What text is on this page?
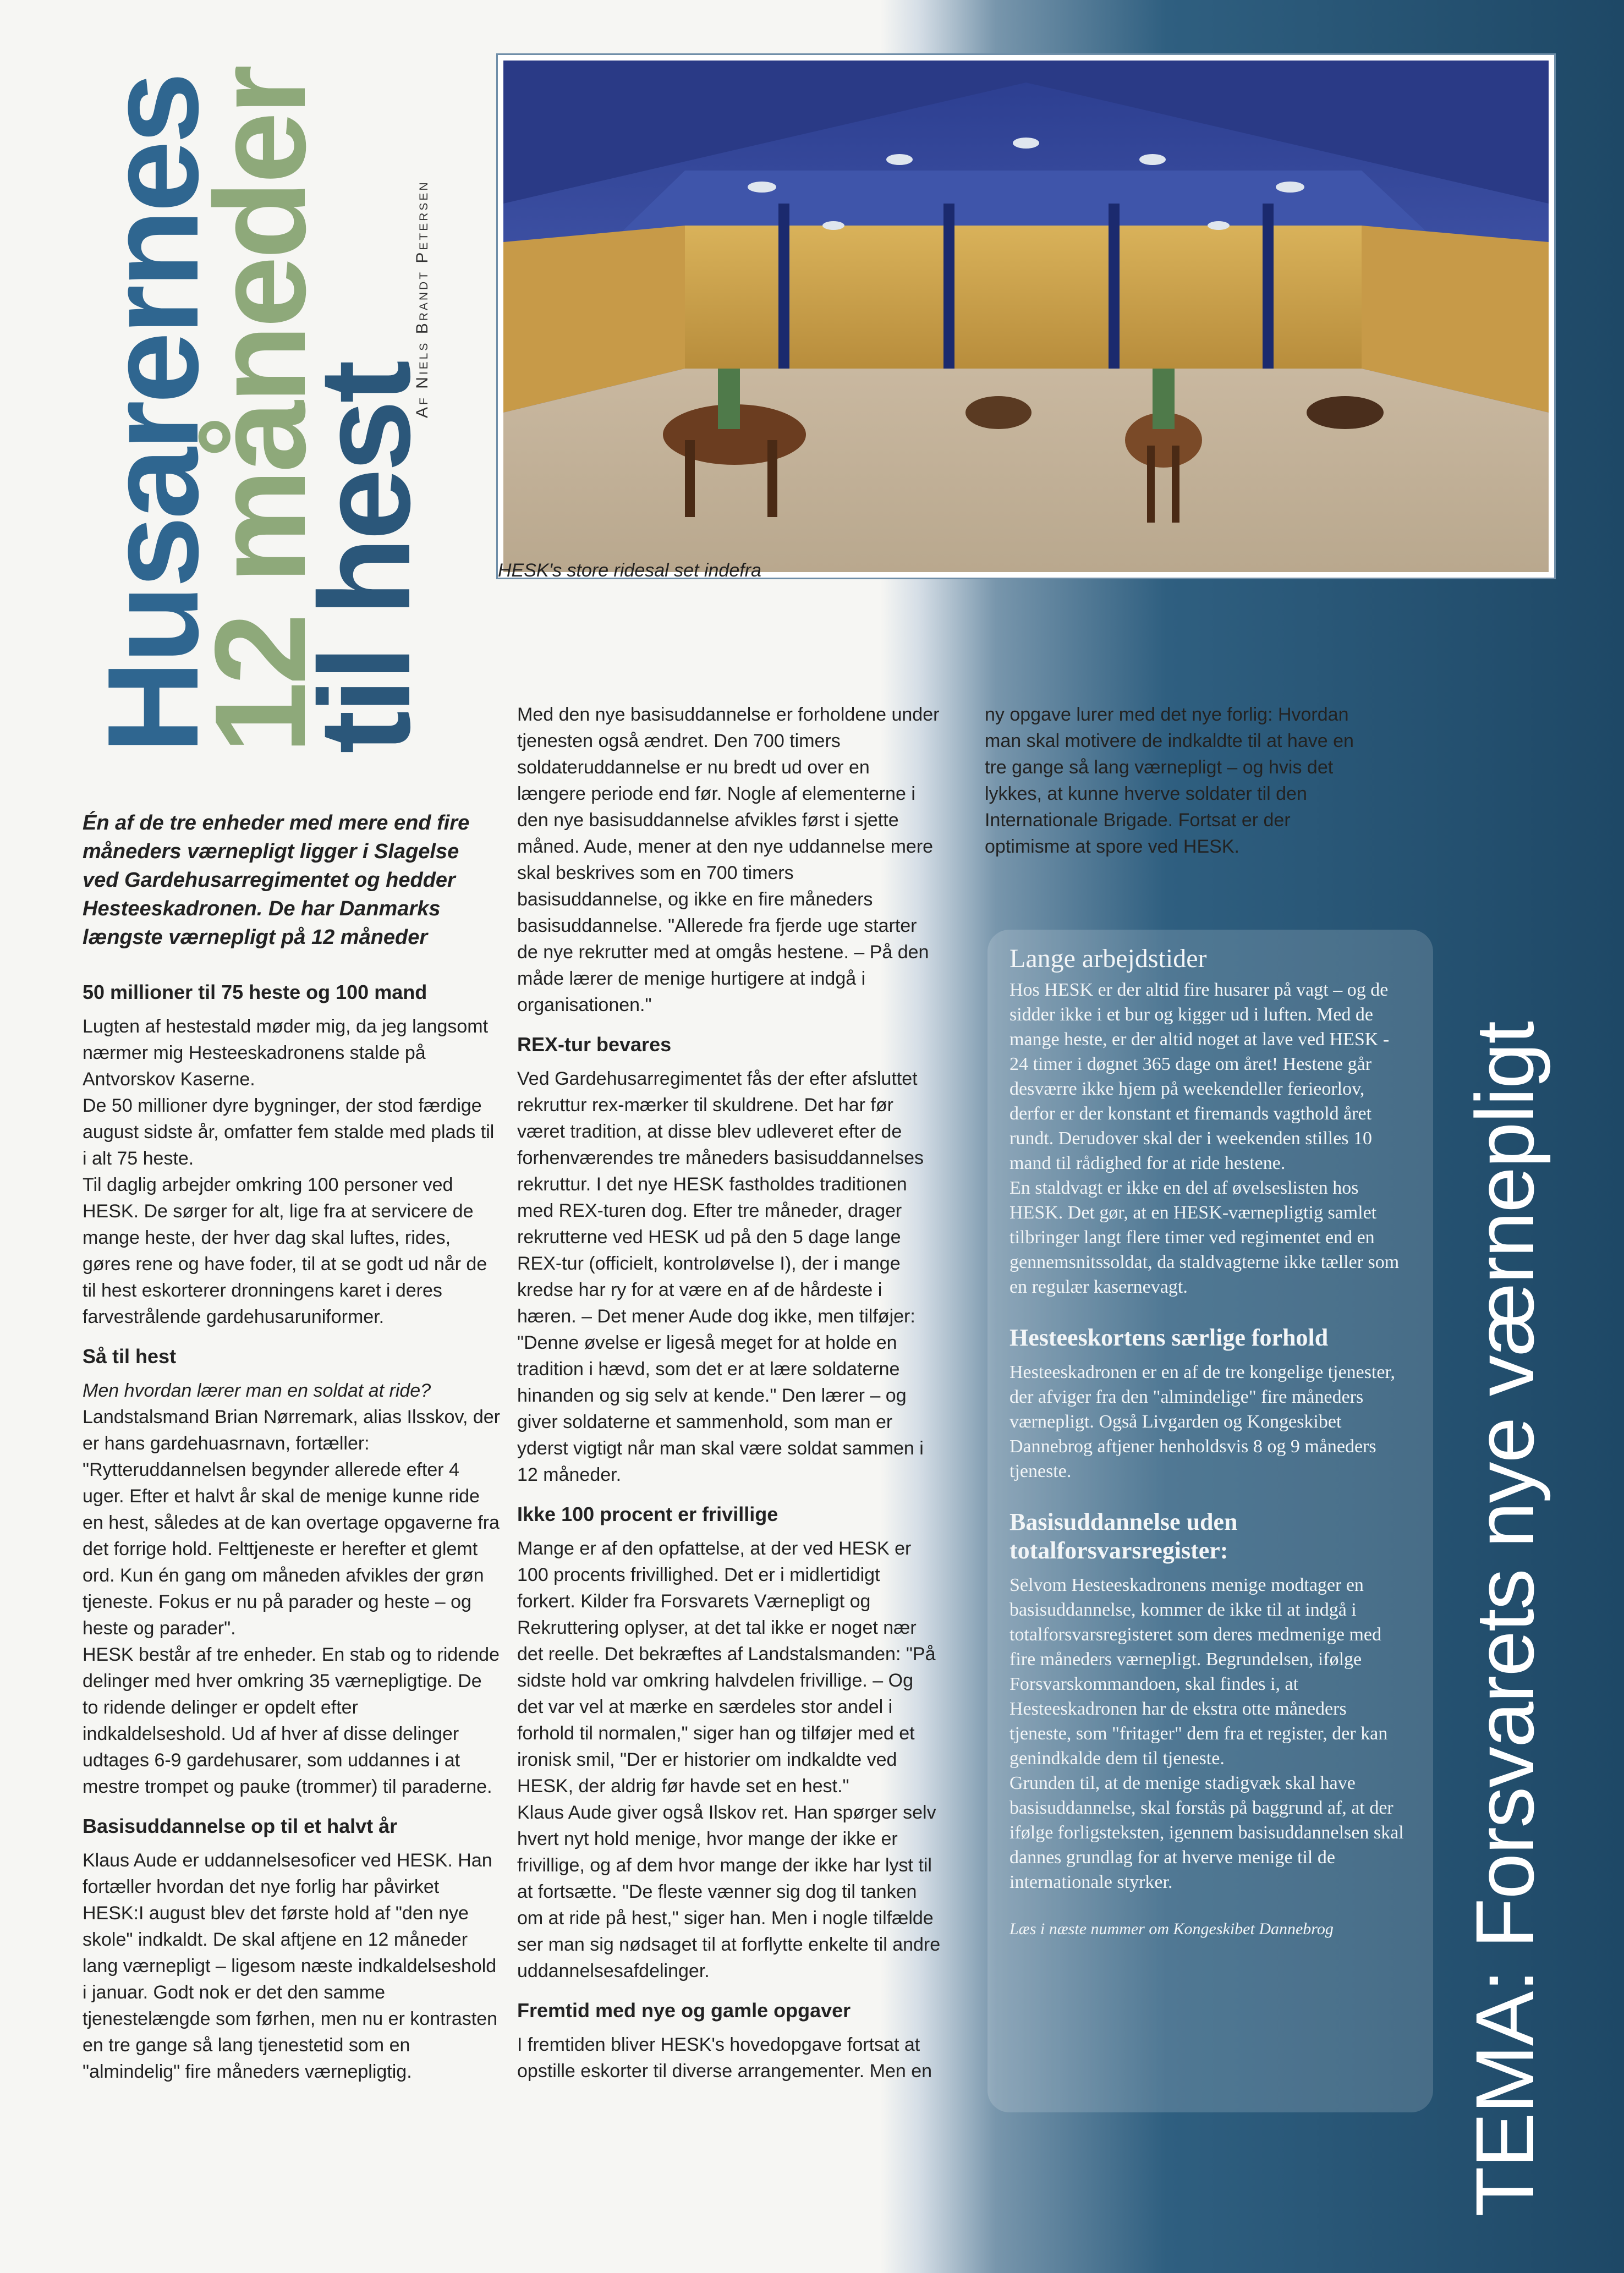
Husarernes
12 måneder
til hest
Af Niels Brandt Petersen
HESK's store ridesal set indefra

Én af de tre enheder med mere end fire måneders værnepligt ligger i Slagelse ved Gardehusarregimentet og hedder Hesteeskadronen. De har Danmarks længste værnepligt på 12 måneder

50 millioner til 75 heste og 100 mand

Lugten af hestestald møder mig, da jeg langsomt nærmer mig Hesteeskadronens stalde på Antvorskov Kaserne.

De 50 millioner dyre bygninger, der stod færdige august sidste år, omfatter fem stalde med plads til i alt 75 heste.

Til daglig arbejder omkring 100 personer ved HESK. De sørger for alt, lige fra at servicere de mange heste, der hver dag skal luftes, rides, gøres rene og have foder, til at se godt ud når de til hest eskorterer dronningens karet i deres farvestrålende gardehusaruniformer.

Så til hest

Men hvordan lærer man en soldat at ride?

Landstalsmand Brian Nørremark, alias Ilsskov, der er hans gardehuasrnavn, fortæller: "Rytteruddannelsen begynder allerede efter 4 uger. Efter et halvt år skal de menige kunne ride en hest, således at de kan overtage opgaverne fra det forrige hold. Felttjeneste er herefter et glemt ord. Kun én gang om måneden afvikles der grøn tjeneste. Fokus er nu på parader og heste – og heste og parader".

HESK består af tre enheder. En stab og to ridende delinger med hver omkring 35 værnepligtige. De to ridende delinger er opdelt efter indkaldelseshold. Ud af hver af disse delinger udtages 6-9 gardehusarer, som uddannes i at mestre trompet og pauke (trommer) til paraderne.

Basisuddannelse op til et halvt år

Klaus Aude er uddannelsesoficer ved HESK. Han fortæller hvordan det nye forlig har påvirket HESK:I august blev det første hold af "den nye skole" indkaldt. De skal aftjene en 12 måneder lang værnepligt – ligesom næste indkaldelseshold i januar. Godt nok er det den samme tjenestelængde som førhen, men nu er kontrasten en tre gange så lang tjenestetid som en "almindelig" fire måneders værnepligtig.

Med den nye basisuddannelse er forholdene under tjenesten også ændret. Den 700 timers soldateruddannelse er nu bredt ud over en længere periode end før. Nogle af elementerne i den nye basisuddannelse afvikles først i sjette måned. Aude, mener at den nye uddannelse mere skal beskrives som en 700 timers basisuddannelse, og ikke en fire måneders basisuddannelse. "Allerede fra fjerde uge starter de nye rekrutter med at omgås hestene. – På den måde lærer de menige hurtigere at indgå i organisationen."

REX-tur bevares

Ved Gardehusarregimentet fås der efter afsluttet rekruttur rex-mærker til skuldrene. Det har før været tradition, at disse blev udleveret efter de forhenværendes tre måneders basisuddannelses rekruttur. I det nye HESK fastholdes traditionen med REX-turen dog. Efter tre måneder, drager rekrutterne ved HESK ud på den 5 dage lange REX-tur (officielt, kontroløvelse I), der i mange kredse har ry for at være en af de hårdeste i hæren. – Det mener Aude dog ikke, men tilføjer: "Denne øvelse er ligeså meget for at holde en tradition i hævd, som det er at lære soldaterne hinanden og sig selv at kende." Den lærer – og giver soldaterne et sammenhold, som man er yderst vigtigt når man skal være soldat sammen i 12 måneder.

Ikke 100 procent er frivillige

Mange er af den opfattelse, at der ved HESK er 100 procents frivillighed. Det er i midlertidigt forkert. Kilder fra Forsvarets Værnepligt og Rekruttering oplyser, at det tal ikke er noget nær det reelle. Det bekræftes af Landstalsmanden: "På sidste hold var omkring halvdelen frivillige. – Og det var vel at mærke en særdeles stor andel i forhold til normalen," siger han og tilføjer med et ironisk smil, "Der er historier om indkaldte ved HESK, der aldrig før havde set en hest."

Klaus Aude giver også Ilskov ret. Han spørger selv hvert nyt hold menige, hvor mange der ikke er frivillige, og af dem hvor mange der ikke har lyst til at fortsætte. "De fleste vænner sig dog til tanken om at ride på hest," siger han. Men i nogle tilfælde ser man sig nødsaget til at forflytte enkelte til andre uddannelsesafdelinger.

Fremtid med nye og gamle opgaver

I fremtiden bliver HESK's hovedopgave fortsat at opstille eskorter til diverse arrangementer. Men en

ny opgave lurer med det nye forlig: Hvordan man skal motivere de indkaldte til at have en tre gange så lang værnepligt – og hvis det lykkes, at kunne hverve soldater til den Internationale Brigade. Fortsat er der optimisme at spore ved HESK.

Lange arbejdstider

Hos HESK er der altid fire husarer på vagt – og de sidder ikke i et bur og kigger ud i luften. Med de mange heste, er der altid noget at lave ved HESK - 24 timer i døgnet 365 dage om året! Hestene går desværre ikke hjem på weekendeller ferieorlov, derfor er der konstant et firemands vagthold året rundt. Derudover skal der i weekenden stilles 10 mand til rådighed for at ride hestene.

En staldvagt er ikke en del af øvelseslisten hos HESK. Det gør, at en HESK-værnepligtig samlet tilbringer langt flere timer ved regimentet end en gennemsnitssoldat, da staldvagterne ikke tæller som en regulær kasernevagt.

Hesteeskortens særlige forhold

Hesteeskadronen er en af de tre kongelige tjenester, der afviger fra den "almindelige" fire måneders værnepligt. Også Livgarden og Kongeskibet Dannebrog aftjener henholdsvis 8 og 9 måneders tjeneste.

Basisuddannelse uden totalforsvarsregister:

Selvom Hesteeskadronens menige modtager en basisuddannelse, kommer de ikke til at indgå i totalforsvarsregisteret som deres medmenige med fire måneders værnepligt. Begrundelsen, ifølge Forsvarskommandoen, skal findes i, at Hesteeskadronen har de ekstra otte måneders tjeneste, som "fritager" dem fra et register, der kan genindkalde dem til tjeneste.

Grunden til, at de menige stadigvæk skal have basisuddannelse, skal forstås på baggrund af, at der ifølge forligsteksten, igennem basisuddannelsen skal dannes grundlag for at hverve menige til de internationale styrker.

Læs i næste nummer om Kongeskibet Dannebrog	TEMA: Forsvarets nye værnepligt
